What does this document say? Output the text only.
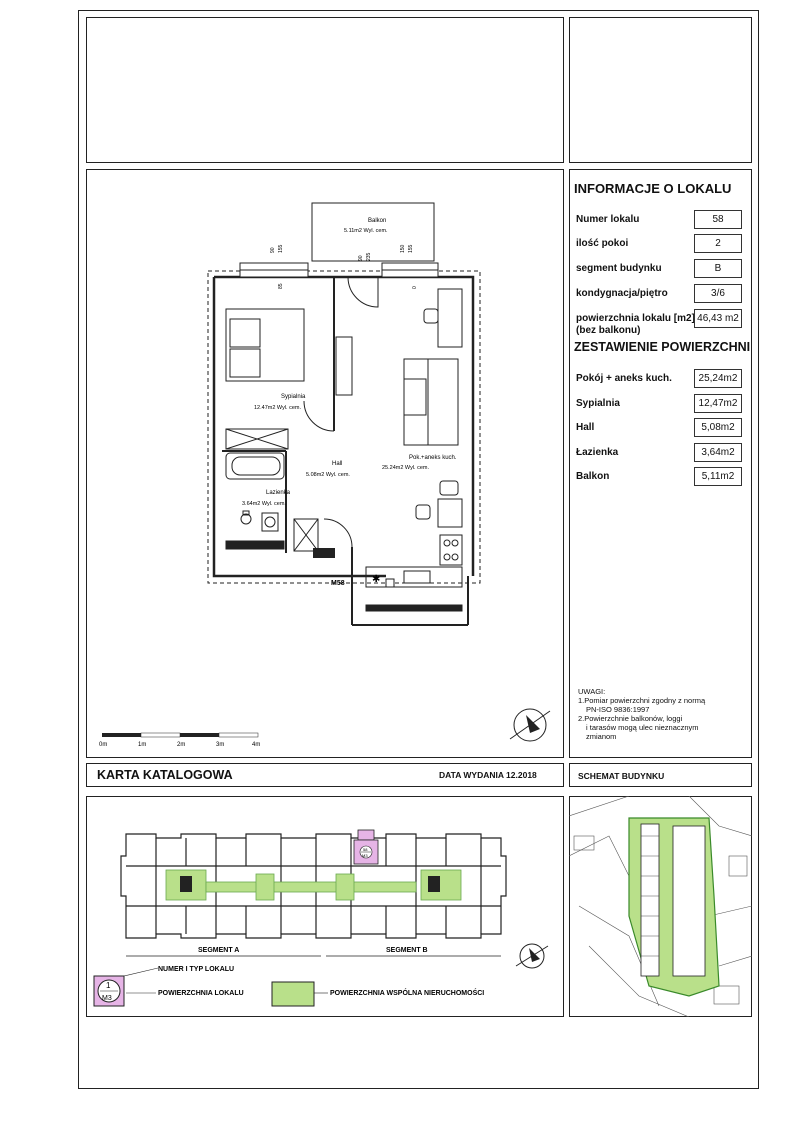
INFORMACJE O LOKALU
Numer lokalu	58
ilość pokoi	2
segment budynku	B
kondygnacja/piętro	3/6
powierzchnia lokalu [m2]
(bez balkonu)
46,43 m2
ZESTAWIENIE POWIERZCHNI
Pokój + aneks kuch.	25,24m2
Sypialnia	12,47m2
Hall	5,08m2
Łazienka	3,64m2
Balkon	5,11m2
UWAGI:
1.Pomiar powierzchni zgodny z normą
PN-ISO 9836:1997
2.Powierzchnie balkonów, loggi
i tarasów mogą ulec nieznacznym
zmianom
KARTA KATALOGOWA	DATA WYDANIA 12.2018	SCHEMAT BUDYNKU
✱
Balkon
5.11m2 Wyl. cem.
Sypialnia
12.47m2 Wyl. cem.
Hall
5.08m2 Wyl. cem.
Lazienka
3.64m2 Wyl. cem.
Pok.+aneks kuch.
25.24m2 Wyl. cem.
M58
90 155
90 235
150 155
85	0
0m	1m	2m	3m	4m
58
M3
SEGMENT A	SEGMENT B
1
M3
NUMER I TYP LOKALU
POWIERZCHNIA LOKALU	POWIERZCHNIA WSPÓLNA NIERUCHOMOŚCI
